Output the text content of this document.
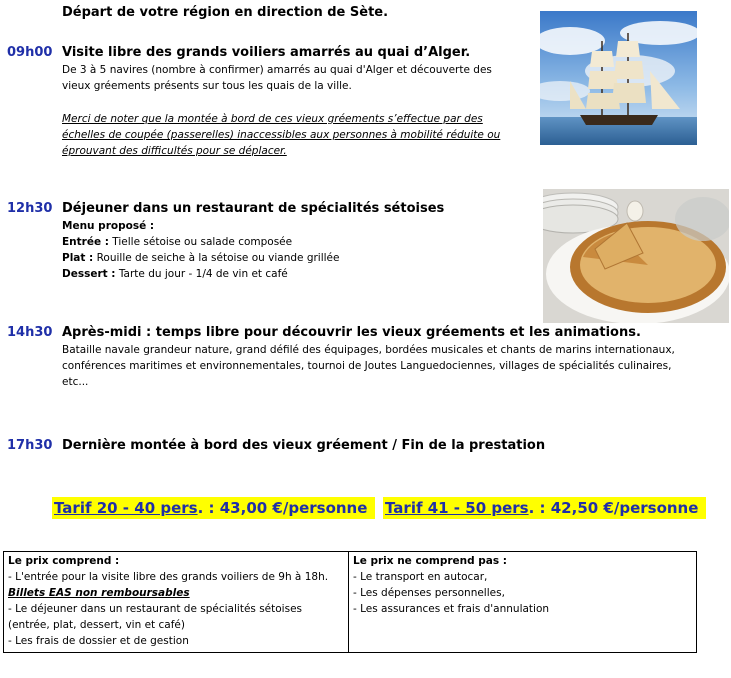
Départ de votre région en direction de Sète.
09h00 Visite libre des grands voiliers amarrés au quai d’Alger.
De 3 à 5 navires (nombre à confirmer) amarrés au quai d'Alger et découverte des
vieux gréements présents sur tous les quais de la ville.
Merci de noter que la montée à bord de ces vieux gréements s’effectue par des
échelles de coupée (passerelles) inaccessibles aux personnes à mobilité réduite ou
éprouvant des difficultés pour se déplacer.
12h30 Déjeuner dans un restaurant de spécialités sétoises
Menu proposé :
Entrée : Tielle sétoise ou salade composée
Plat : Rouille de seiche à la sétoise ou viande grillée
Dessert : Tarte du jour - 1/4 de vin et café
14h30 Après-midi : temps libre pour découvrir les vieux gréements et les animations.
Bataille navale grandeur nature, grand défilé des équipages, bordées musicales et chants de marins internationaux,
conférences maritimes et environnementales, tournoi de Joutes Languedociennes, villages de spécialités culinaires,
etc...
17h30 Dernière montée à bord des vieux gréement / Fin de la prestation
Tarif 20 - 40 pers. : 43,00 €/personne	Tarif 41 - 50 pers. : 42,50 €/personne
Le prix comprend :
- L'entrée pour la visite libre des grands voiliers de 9h à 18h.
Billets EAS non remboursables
- Le déjeuner dans un restaurant de spécialités sétoises
(entrée, plat, dessert, vin et café)
- Les frais de dossier et de gestion

Le prix ne comprend pas :
- Le transport en autocar,
- Les dépenses personnelles,
- Les assurances et frais d'annulation
